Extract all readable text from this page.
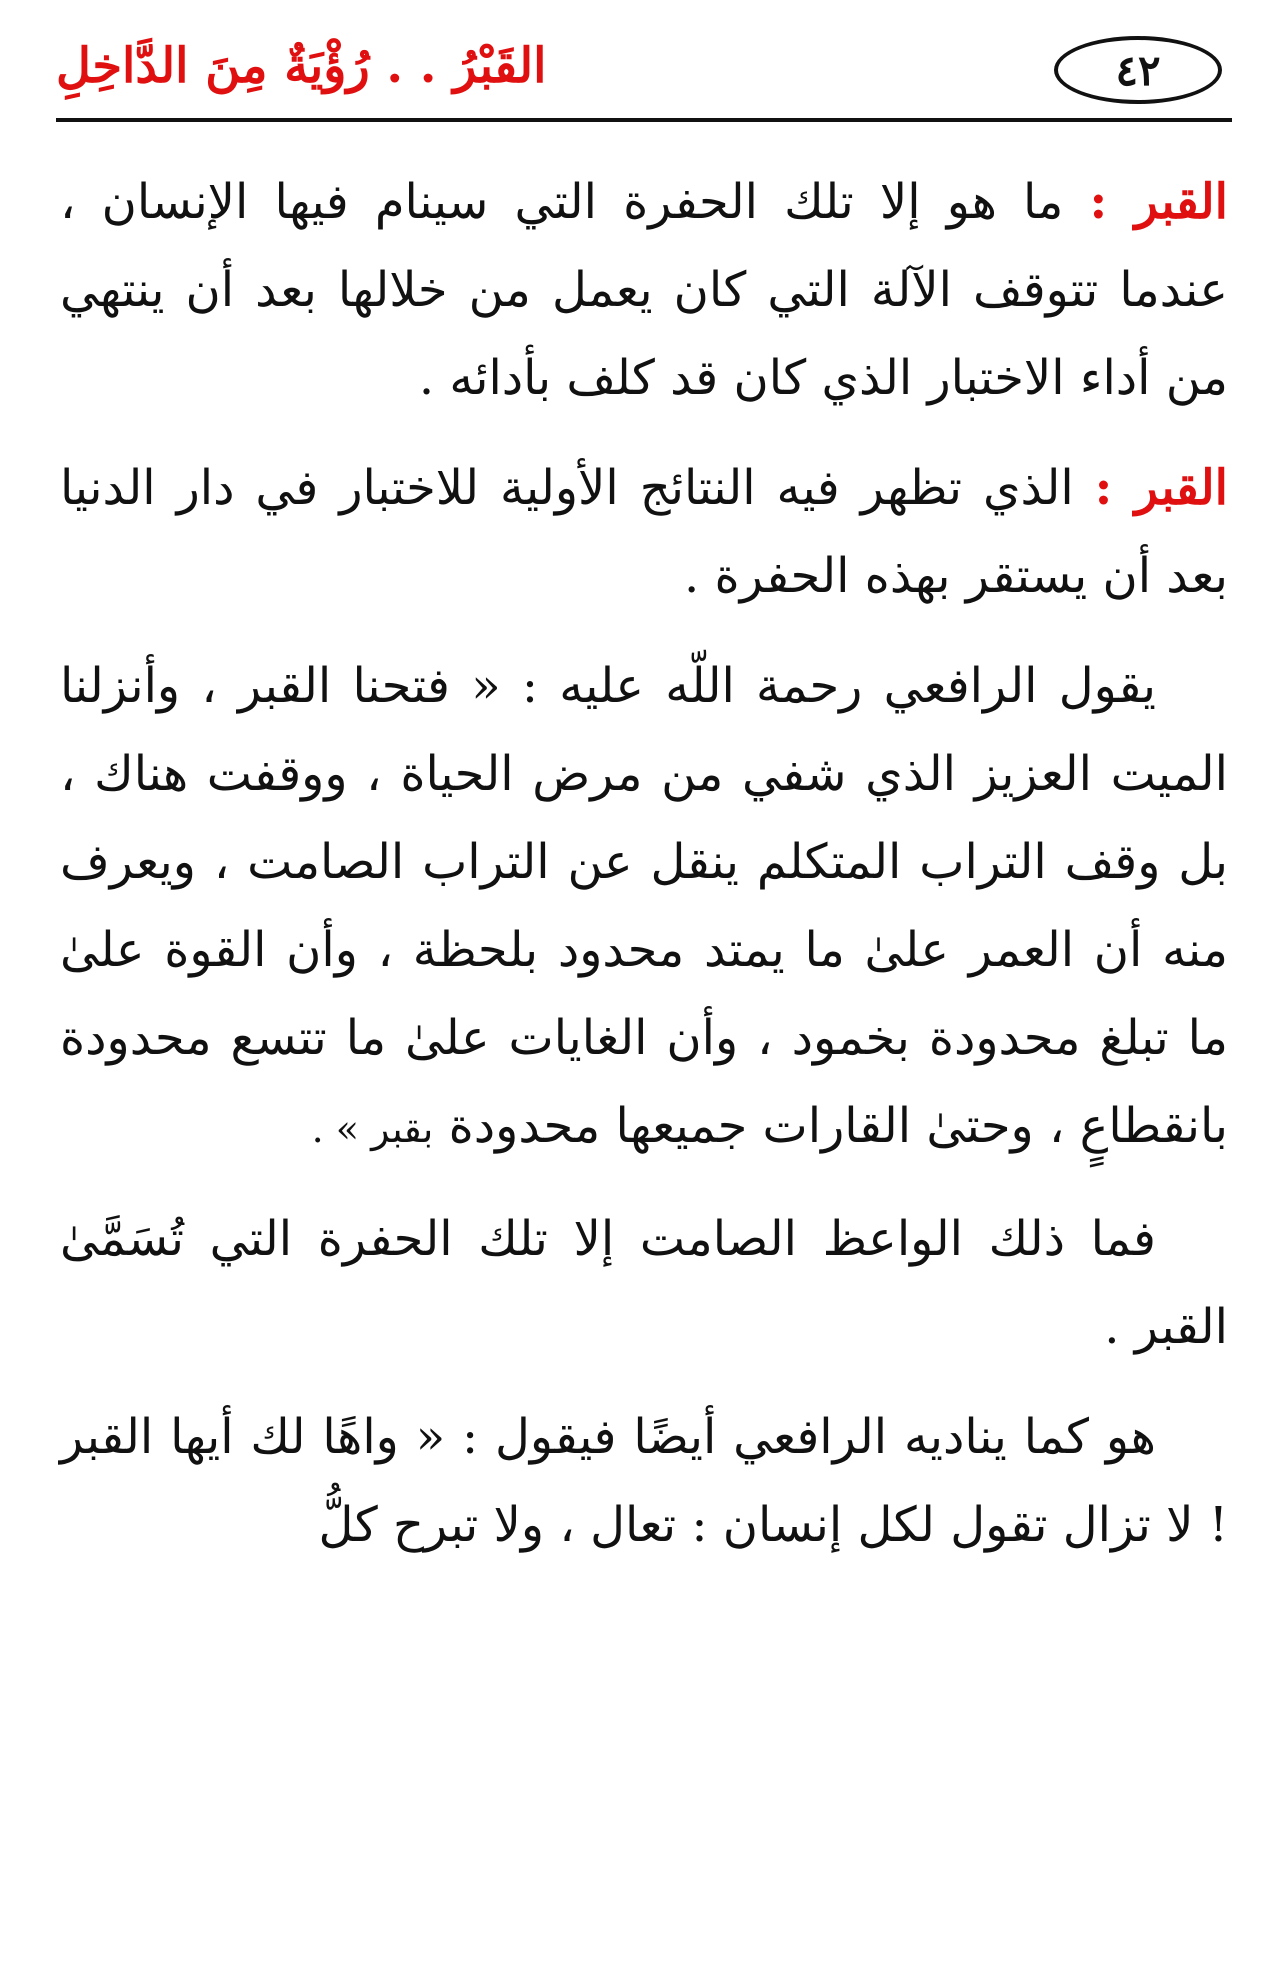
القَبْرُ . . رُؤْيَةٌ مِنَ الدَّاخِلِ	٤٢

القبر : ما هو إلا تلك الحفرة التي سينام فيها الإنسان ، عندما تتوقف الآلة التي كان يعمل من خلالها بعد أن ينتهي من أداء الاختبار الذي كان قد كلف بأدائه .

القبر : الذي تظهر فيه النتائج الأولية للاختبار في دار الدنيا بعد أن يستقر بهذه الحفرة .

يقول الرافعي رحمة اللّه عليه : « فتحنا القبر ، وأنزلنا الميت العزيز الذي شفي من مرض الحياة ، ووقفت هناك ، بل وقف التراب المتكلم ينقل عن التراب الصامت ، ويعرف منه أن العمر علىٰ ما يمتد محدود بلحظة ، وأن القوة علىٰ ما تبلغ محدودة بخمود ، وأن الغايات علىٰ ما تتسع محدودة بانقطاعٍ ، وحتىٰ القارات جميعها محدودة بقبر » .

فما ذلك الواعظ الصامت إلا تلك الحفرة التي تُسَمَّىٰ القبر .

هو كما يناديه الرافعي أيضًا فيقول : « واهًا لك أيها القبر ! لا تزال تقول لكل إنسان : تعال ، ولا تبرح كلُّ
